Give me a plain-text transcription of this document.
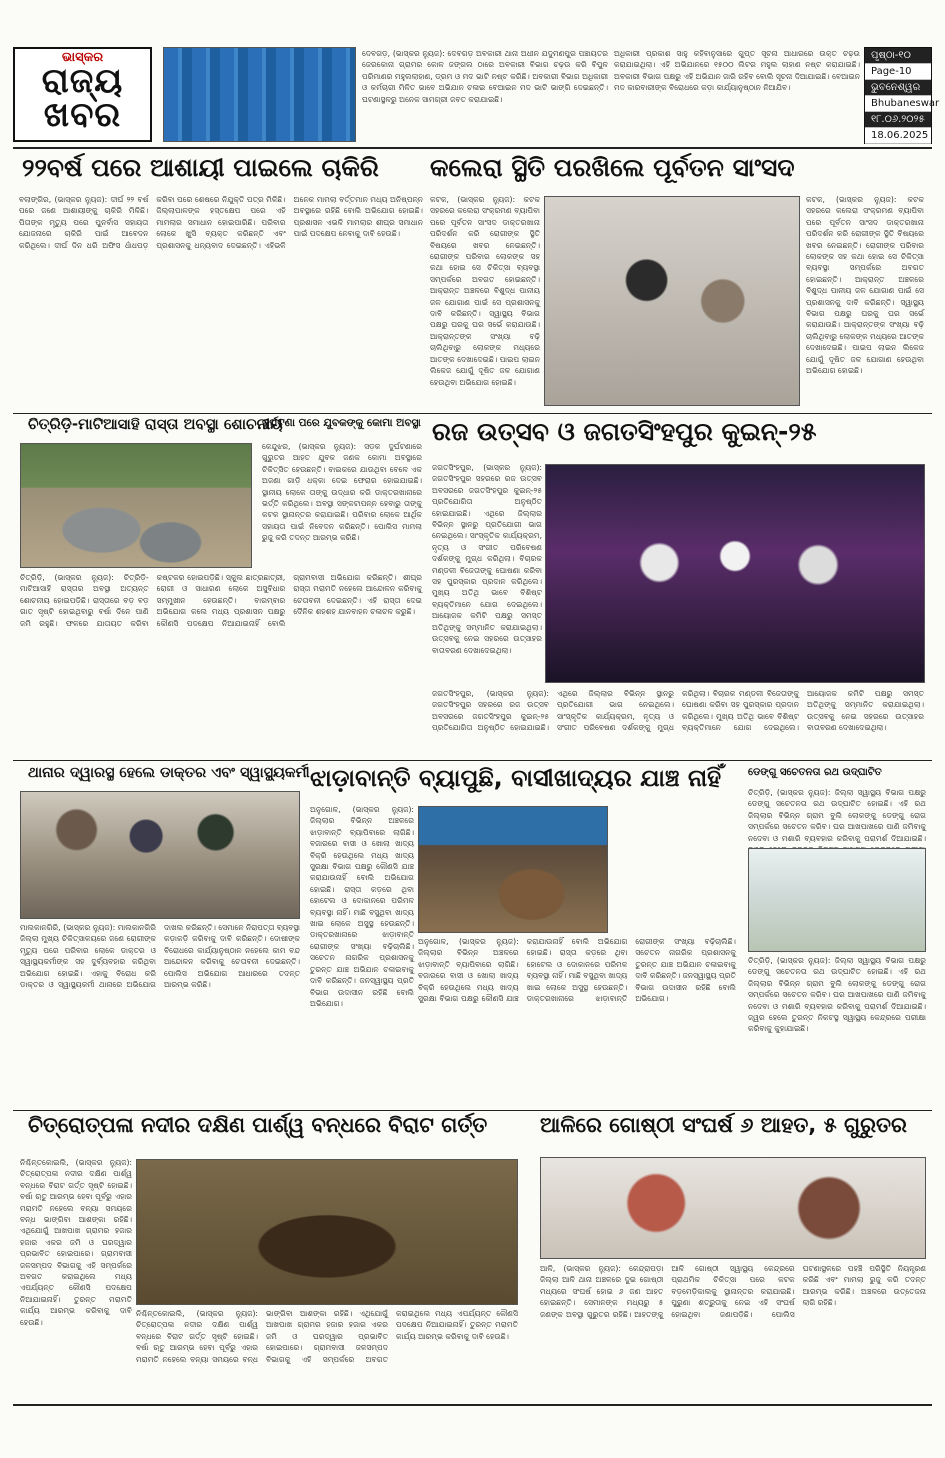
ଭାସ୍କର
ରାଜ୍ୟ
ଖବର
ଦେବଗଡ଼, (ଭାସ୍କର ନ୍ୟୁଜ): ଦେବଗଡ଼ ଅବକାରୀ ଥାନା ଅଧୀନ ଯଦୁମଣପୁର ପଞ୍ଚାୟତର ଜେରକୋନା ଗ୍ରାମର କୋଳ ଜଙ୍ଗଲ ଠାରେ ଅବକାରୀ ବିଭାଗ ଚଢ଼ଉ କରି ବିପୁଳ ପରିମାଣର ମହୁଲଲାହାଣ, ଡ୍ରମ ଓ ମଦ ଭାଟି ନଷ୍ଟ କରିଛି। ଅବକାରୀ ବିଭାଗ ଅଧିକାରୀ ଓ କର୍ମଚାରୀ ମିଳିତ ଭାବେ ଅଭିଯାନ ଚଳାଇ ବେଆଇନ ମଦ ଭାଟି ଭାଙ୍ଗି ଦେଇଛନ୍ତି। ଘଟଣାସ୍ଥଳରୁ ଅନେକ ସାମଗ୍ରୀ ଜବତ କରାଯାଇଛି।
ଅଧିକାରୀ ପ୍ରକାଶ ସାହୁ କହିବାନୁସାରେ ଗୁପ୍ତ ସୂଚନା ଆଧାରରେ ଉକ୍ତ ଚଢ଼ଉ କରାଯାଇଥିଲା। ଏହି ଅଭିଯାନରେ ୧୫୦୦ ଲିଟର ମହୁଲ ଲାହାଣ ନଷ୍ଟ କରାଯାଇଛି। ଅବକାରୀ ବିଭାଗ ପକ୍ଷରୁ ଏହି ଅଭିଯାନ ଜାରି ରହିବ ବୋଲି ସୂଚନା ଦିଆଯାଇଛି। ବେଆଇନ ମଦ କାରବାରୀଙ୍କ ବିରୋଧରେ କଡ଼ା କାର୍ଯ୍ୟାନୁଷ୍ଠାନ ନିଆଯିବ।
ପୃଷ୍ଠା-୧୦
Page-10
ଭୁବନେଶ୍ୱର
Bhubaneswar
୧୮.୦୬.୨୦୨୫
18.06.2025
୨୨ବର୍ଷ ପରେ ଆଶାୟୀ ପାଇଲେ ଚାକିରି
ବଲାଙ୍ଗିର, (ଭାସ୍କର ନ୍ୟୁଜ): ଦୀର୍ଘ ୨୨ ବର୍ଷ ପରେ ଜଣେ ଆଶାୟୀଙ୍କୁ ଚାକିରି ମିଳିଛି। ପିତାଙ୍କ ମୃତ୍ୟୁ ପରେ ପୁନର୍ବାସ ସହାୟତା ଯୋଜନାରେ ଚାକିରି ପାଇଁ ଆବେଦନ କରିଥିଲେ। ଦୀର୍ଘ ଦିନ ଧରି ଅଫିସ ଧାଁଧପଡ଼ କରିବା ପରେ ଶେଷରେ ନିଯୁକ୍ତି ପତ୍ର ମିଳିଛି। ଜିଲ୍ଲାପାଳଙ୍କ ହସ୍ତକ୍ଷେପ ପରେ ଏହି ମାମଲାର ସମାଧାନ ହୋଇପାରିଛି। ପରିବାର ଲୋକେ ଖୁସି ବ୍ୟକ୍ତ କରିଛନ୍ତି ଏବଂ ପ୍ରଶାସନକୁ ଧନ୍ୟବାଦ ଦେଇଛନ୍ତି। ଏହିଭଳି ଅନେକ ମାମଲା ବର୍ତ୍ତମାନ ମଧ୍ୟ ଅନିଷ୍ପନ୍ନ ଅବସ୍ଥାରେ ରହିଛି ବୋଲି ଅଭିଯୋଗ ହୋଇଛି। ପ୍ରଶାସନ ଏଭଳି ମାମଲାର ଶୀଘ୍ର ସମାଧାନ ପାଇଁ ପଦକ୍ଷେପ ନେବାକୁ ଦାବି ହେଉଛି।
କଲେରା ସ୍ଥିତି ପରଖିଲେ ପୂର୍ବତନ ସାଂସଦ
କଟକ, (ଭାସ୍କର ନ୍ୟୁଜ): କଟକ ସହରରେ କଲେରା ସଂକ୍ରମଣ ବ୍ୟାପିବା ପରେ ପୂର୍ବତନ ସାଂସଦ ଡାକ୍ତରଖାନା ପରିଦର୍ଶନ କରି ରୋଗୀଙ୍କ ସ୍ଥିତି ବିଷୟରେ ଖବର ନେଇଛନ୍ତି। ରୋଗୀଙ୍କ ପରିବାର ଲୋକଙ୍କ ସହ କଥା ହୋଇ ସେ ଚିକିତ୍ସା ବ୍ୟବସ୍ଥା ସମ୍ପର୍କରେ ଅବଗତ ହୋଇଛନ୍ତି। ଆକ୍ରାନ୍ତ ଅଞ୍ଚଳରେ ବିଶୁଦ୍ଧ ପାନୀୟ ଜଳ ଯୋଗାଣ ପାଇଁ ସେ ପ୍ରଶାସନକୁ ଦାବି କରିଛନ୍ତି। ସ୍ୱାସ୍ଥ୍ୟ ବିଭାଗ ପକ୍ଷରୁ ଘରକୁ ଘର ସର୍ଭେ କରାଯାଉଛି। ଆକ୍ରାନ୍ତଙ୍କ ସଂଖ୍ୟା ବଢ଼ି ଚାଲିଥିବାରୁ ଲୋକଙ୍କ ମଧ୍ୟରେ ଆତଙ୍କ ଦେଖାଦେଇଛି। ପାଇପ ଲାଇନ ଲିକେଜ ଯୋଗୁଁ ଦୂଷିତ ଜଳ ଯୋଗାଣ ହେଉଥିବା ଅଭିଯୋଗ ହୋଇଛି।
କଟକ, (ଭାସ୍କର ନ୍ୟୁଜ): କଟକ ସହରରେ କଲେରା ସଂକ୍ରମଣ ବ୍ୟାପିବା ପରେ ପୂର୍ବତନ ସାଂସଦ ଡାକ୍ତରଖାନା ପରିଦର୍ଶନ କରି ରୋଗୀଙ୍କ ସ୍ଥିତି ବିଷୟରେ ଖବର ନେଇଛନ୍ତି। ରୋଗୀଙ୍କ ପରିବାର ଲୋକଙ୍କ ସହ କଥା ହୋଇ ସେ ଚିକିତ୍ସା ବ୍ୟବସ୍ଥା ସମ୍ପର୍କରେ ଅବଗତ ହୋଇଛନ୍ତି। ଆକ୍ରାନ୍ତ ଅଞ୍ଚଳରେ ବିଶୁଦ୍ଧ ପାନୀୟ ଜଳ ଯୋଗାଣ ପାଇଁ ସେ ପ୍ରଶାସନକୁ ଦାବି କରିଛନ୍ତି। ସ୍ୱାସ୍ଥ୍ୟ ବିଭାଗ ପକ୍ଷରୁ ଘରକୁ ଘର ସର୍ଭେ କରାଯାଉଛି। ଆକ୍ରାନ୍ତଙ୍କ ସଂଖ୍ୟା ବଢ଼ି ଚାଲିଥିବାରୁ ଲୋକଙ୍କ ମଧ୍ୟରେ ଆତଙ୍କ ଦେଖାଦେଇଛି। ପାଇପ ଲାଇନ ଲିକେଜ ଯୋଗୁଁ ଦୂଷିତ ଜଳ ଯୋଗାଣ ହେଉଥିବା ଅଭିଯୋଗ ହୋଇଛି।
ଚିତ୍ରିଡ଼ି-ମାଟିଆସାହି ରାସ୍ତା ଅବସ୍ଥା ଶୋଚନୀୟ
ଚିତ୍ରିଡ଼ି, (ଭାସ୍କର ନ୍ୟୁଜ): ଚିତ୍ରିଡ଼ି-ମାଟିଆସାହି ରାସ୍ତାର ଅବସ୍ଥା ଅତ୍ୟନ୍ତ ଶୋଚନୀୟ ହୋଇପଡ଼ିଛି। ରାସ୍ତାରେ ବଡ଼ ବଡ଼ ଗାତ ସୃଷ୍ଟି ହୋଇଥିବାରୁ ବର୍ଷା ଦିନେ ପାଣି ଜମି ରହୁଛି। ଫଳରେ ଯାତାୟତ କରିବା କଷ୍ଟକର ହୋଇପଡ଼ିଛି। ସ୍କୁଲ ଛାତ୍ରଛାତ୍ରୀ, ରୋଗୀ ଓ ସାଧାରଣ ଲୋକେ ଅସୁବିଧାର ସମ୍ମୁଖୀନ ହେଉଛନ୍ତି। ବାରମ୍ବାର ଅଭିଯୋଗ କଲେ ମଧ୍ୟ ପ୍ରଶାସନ ପକ୍ଷରୁ କୌଣସି ପଦକ୍ଷେପ ନିଆଯାଇନାହିଁ ବୋଲି ଗ୍ରାମବାସୀ ଅଭିଯୋଗ କରିଛନ୍ତି। ଶୀଘ୍ର ରାସ୍ତା ମରାମତି ନହେଲେ ଆନ୍ଦୋଳନ କରିବାକୁ ଚେତାବନୀ ଦେଇଛନ୍ତି। ଏହି ରାସ୍ତା ଦେଇ ଦୈନିକ ଶହଶହ ଯାନବାହନ ଚଳାଚଳ କରୁଛି।
ଦୁର୍ଘଟଣା ପରେ ଯୁବକଙ୍କୁ କୋମା ଅବସ୍ଥା
କେନ୍ଦୁଝର, (ଭାସ୍କର ନ୍ୟୁଜ): ସଡ଼କ ଦୁର୍ଘଟଣାରେ ଗୁରୁତର ଆହତ ଯୁବକ ଜଣକ କୋମା ଅବସ୍ଥାରେ ଚିକିତ୍ସିତ ହେଉଛନ୍ତି। ବାଇକରେ ଯାଉଥିବା ବେଳେ ଏକ ଅଜଣା ଗାଡ଼ି ଧକ୍କା ଦେଇ ଫେରାର ହୋଇଯାଇଛି। ସ୍ଥାନୀୟ ଲୋକେ ତାଙ୍କୁ ଉଦ୍ଧାର କରି ଡାକ୍ତରଖାନାରେ ଭର୍ତ୍ତି କରିଥିଲେ। ଅବସ୍ଥା ସଙ୍କଟାପନ୍ନ ହେବାରୁ ତାଙ୍କୁ କଟକ ସ୍ଥାନାନ୍ତର କରାଯାଇଛି। ପରିବାର ଲୋକେ ଆର୍ଥିକ ସହାୟତା ପାଇଁ ନିବେଦନ କରିଛନ୍ତି। ପୋଲିସ ମାମଲା ରୁଜୁ କରି ତଦନ୍ତ ଆରମ୍ଭ କରିଛି।
ରଜ ଉତ୍ସବ ଓ ଜଗତସିଂହପୁର କୁଇନ୍-୨୫
ଜଗତସିଂହପୁର, (ଭାସ୍କର ନ୍ୟୁଜ): ଜଗତସିଂହପୁର ସହରରେ ରଜ ଉତ୍ସବ ଅବସରରେ ଜଗତସିଂହପୁର କୁଇନ୍-୨୫ ପ୍ରତିଯୋଗିତା ଅନୁଷ୍ଠିତ ହୋଇଯାଇଛି। ଏଥିରେ ଜିଲ୍ଲାର ବିଭିନ୍ନ ସ୍ଥାନରୁ ପ୍ରତିଯୋଗୀ ଭାଗ ନେଇଥିଲେ। ସାଂସ୍କୃତିକ କାର୍ଯ୍ୟକ୍ରମ, ନୃତ୍ୟ ଓ ସଂଗୀତ ପରିବେଷଣ ଦର୍ଶକଙ୍କୁ ମୁଗ୍ଧ କରିଥିଲା। ବିଚାରକ ମଣ୍ଡଳୀ ବିଜେତାଙ୍କୁ ଘୋଷଣା କରିବା ସହ ପୁରସ୍କାର ପ୍ରଦାନ କରିଥିଲେ। ମୁଖ୍ୟ ଅତିଥି ଭାବେ ବିଶିଷ୍ଟ ବ୍ୟକ୍ତିମାନେ ଯୋଗ ଦେଇଥିଲେ। ଆୟୋଜକ କମିଟି ପକ୍ଷରୁ ସମସ୍ତ ଅତିଥିଙ୍କୁ ସମ୍ମାନିତ କରାଯାଇଥିଲା। ଉତ୍ସବକୁ ନେଇ ସହରରେ ଉତ୍ସାହର ବାତାବରଣ ଦେଖାଦେଇଥିଲା।
ଜଗତସିଂହପୁର, (ଭାସ୍କର ନ୍ୟୁଜ): ଜଗତସିଂହପୁର ସହରରେ ରଜ ଉତ୍ସବ ଅବସରରେ ଜଗତସିଂହପୁର କୁଇନ୍-୨୫ ପ୍ରତିଯୋଗିତା ଅନୁଷ୍ଠିତ ହୋଇଯାଇଛି। ଏଥିରେ ଜିଲ୍ଲାର ବିଭିନ୍ନ ସ୍ଥାନରୁ ପ୍ରତିଯୋଗୀ ଭାଗ ନେଇଥିଲେ। ସାଂସ୍କୃତିକ କାର୍ଯ୍ୟକ୍ରମ, ନୃତ୍ୟ ଓ ସଂଗୀତ ପରିବେଷଣ ଦର୍ଶକଙ୍କୁ ମୁଗ୍ଧ କରିଥିଲା। ବିଚାରକ ମଣ୍ଡଳୀ ବିଜେତାଙ୍କୁ ଘୋଷଣା କରିବା ସହ ପୁରସ୍କାର ପ୍ରଦାନ କରିଥିଲେ। ମୁଖ୍ୟ ଅତିଥି ଭାବେ ବିଶିଷ୍ଟ ବ୍ୟକ୍ତିମାନେ ଯୋଗ ଦେଇଥିଲେ। ଆୟୋଜକ କମିଟି ପକ୍ଷରୁ ସମସ୍ତ ଅତିଥିଙ୍କୁ ସମ୍ମାନିତ କରାଯାଇଥିଲା। ଉତ୍ସବକୁ ନେଇ ସହରରେ ଉତ୍ସାହର ବାତାବରଣ ଦେଖାଦେଇଥିଲା।
ଥାନାର ଦ୍ୱାରସ୍ଥ ହେଲେ ଡାକ୍ତର ଏବଂ ସ୍ୱାସ୍ଥ୍ୟକର୍ମୀ
ମାଲକାନଗିରି, (ଭାସ୍କର ନ୍ୟୁଜ): ମାଲକାନଗିରି ଜିଲ୍ଲା ମୁଖ୍ୟ ଚିକିତ୍ସାଳୟରେ ଜଣେ ରୋଗୀଙ୍କ ମୃତ୍ୟୁ ପରେ ପରିବାର ଲୋକେ ଡାକ୍ତର ଓ ସ୍ୱାସ୍ଥ୍ୟକର୍ମୀଙ୍କ ସହ ଦୁର୍ବ୍ୟବହାର କରିଥିବା ଅଭିଯୋଗ ହୋଇଛି। ଏହାକୁ ବିରୋଧ କରି ଡାକ୍ତର ଓ ସ୍ୱାସ୍ଥ୍ୟକର୍ମୀ ଥାନାରେ ଅଭିଯୋଗ ଦାଖଲ କରିଛନ୍ତି। ସେମାନେ ନିରାପତ୍ତା ବ୍ୟବସ୍ଥା କଡ଼ାକଡ଼ି କରିବାକୁ ଦାବି କରିଛନ୍ତି। ଦୋଷୀଙ୍କ ବିରୋଧରେ କାର୍ଯ୍ୟାନୁଷ୍ଠାନ ନହେଲେ କାମ ବନ୍ଦ ଆନ୍ଦୋଳନ କରିବାକୁ ଚେତାବନୀ ଦେଇଛନ୍ତି। ପୋଲିସ ଅଭିଯୋଗ ଆଧାରରେ ତଦନ୍ତ ଆରମ୍ଭ କରିଛି।
ଝାଡ଼ାବାନ୍ତି ବ୍ୟାପୁଛି, ବାସୀଖାଦ୍ୟର ଯାଞ୍ଚ ନାହିଁ
ଅନୁଗୋଳ, (ଭାସ୍କର ନ୍ୟୁଜ): ଜିଲ୍ଲାର ବିଭିନ୍ନ ଅଞ୍ଚଳରେ ଝାଡ଼ାବାନ୍ତି ବ୍ୟାପିବାରେ ଲାଗିଛି। ବଜାରରେ ବାସୀ ଓ ଖୋଲା ଖାଦ୍ୟ ବିକ୍ରି ହେଉଥିଲେ ମଧ୍ୟ ଖାଦ୍ୟ ସୁରକ୍ଷା ବିଭାଗ ପକ୍ଷରୁ କୌଣସି ଯାଞ୍ଚ କରାଯାଉନାହିଁ ବୋଲି ଅଭିଯୋଗ ହୋଇଛି। ରାସ୍ତା କଡ଼ରେ ଥିବା ହୋଟେଲ ଓ ଦୋକାନରେ ପରିମଳ ବ୍ୟବସ୍ଥା ନାହିଁ। ମାଛି ବସୁଥିବା ଖାଦ୍ୟ ଖାଇ ଲୋକେ ଅସୁସ୍ଥ ହେଉଛନ୍ତି। ଡାକ୍ତରଖାନାରେ ଝାଡ଼ାବାନ୍ତି ରୋଗୀଙ୍କ ସଂଖ୍ୟା ବଢ଼ିଚାଲିଛି। ସଚେତନ ନାଗରିକ ପ୍ରଶାସନକୁ ତୁରନ୍ତ ଯାଞ୍ଚ ଅଭିଯାନ ଚଳାଇବାକୁ ଦାବି କରିଛନ୍ତି। ଜନସ୍ୱାସ୍ଥ୍ୟ ପ୍ରତି ବିଭାଗ ଉଦାସୀନ ରହିଛି ବୋଲି ଅଭିଯୋଗ।
ଅନୁଗୋଳ, (ଭାସ୍କର ନ୍ୟୁଜ): ଜିଲ୍ଲାର ବିଭିନ୍ନ ଅଞ୍ଚଳରେ ଝାଡ଼ାବାନ୍ତି ବ୍ୟାପିବାରେ ଲାଗିଛି। ବଜାରରେ ବାସୀ ଓ ଖୋଲା ଖାଦ୍ୟ ବିକ୍ରି ହେଉଥିଲେ ମଧ୍ୟ ଖାଦ୍ୟ ସୁରକ୍ଷା ବିଭାଗ ପକ୍ଷରୁ କୌଣସି ଯାଞ୍ଚ କରାଯାଉନାହିଁ ବୋଲି ଅଭିଯୋଗ ହୋଇଛି। ରାସ୍ତା କଡ଼ରେ ଥିବା ହୋଟେଲ ଓ ଦୋକାନରେ ପରିମଳ ବ୍ୟବସ୍ଥା ନାହିଁ। ମାଛି ବସୁଥିବା ଖାଦ୍ୟ ଖାଇ ଲୋକେ ଅସୁସ୍ଥ ହେଉଛନ୍ତି। ଡାକ୍ତରଖାନାରେ ଝାଡ଼ାବାନ୍ତି ରୋଗୀଙ୍କ ସଂଖ୍ୟା ବଢ଼ିଚାଲିଛି। ସଚେତନ ନାଗରିକ ପ୍ରଶାସନକୁ ତୁରନ୍ତ ଯାଞ୍ଚ ଅଭିଯାନ ଚଳାଇବାକୁ ଦାବି କରିଛନ୍ତି। ଜନସ୍ୱାସ୍ଥ୍ୟ ପ୍ରତି ବିଭାଗ ଉଦାସୀନ ରହିଛି ବୋଲି ଅଭିଯୋଗ।
ଡେଙ୍ଗୁ ସଚେତନତା ରଥ ଉଦ୍‌ଘାଟିତ
ଚିତ୍ରିଡ଼ି, (ଭାସ୍କର ନ୍ୟୁଜ): ଜିଲ୍ଲା ସ୍ୱାସ୍ଥ୍ୟ ବିଭାଗ ପକ୍ଷରୁ ଡେଙ୍ଗୁ ସଚେତନତା ରଥ ଉଦ୍‌ଘାଟିତ ହୋଇଛି। ଏହି ରଥ ଜିଲ୍ଲାର ବିଭିନ୍ନ ଗ୍ରାମ ବୁଲି ଲୋକଙ୍କୁ ଡେଙ୍ଗୁ ରୋଗ ସମ୍ପର୍କରେ ସଚେତନ କରିବ। ଘର ଆଖପାଖରେ ପାଣି ଜମିବାକୁ ନଦେବା ଓ ମଶାରି ବ୍ୟବହାର କରିବାକୁ ପରାମର୍ଶ ଦିଆଯାଇଛି।
ଚିତ୍ରିଡ଼ି, (ଭାସ୍କର ନ୍ୟୁଜ): ଜିଲ୍ଲା ସ୍ୱାସ୍ଥ୍ୟ ବିଭାଗ ପକ୍ଷରୁ ଡେଙ୍ଗୁ ସଚେତନତା ରଥ ଉଦ୍‌ଘାଟିତ ହୋଇଛି। ଏହି ରଥ ଜିଲ୍ଲାର ବିଭିନ୍ନ ଗ୍ରାମ ବୁଲି ଲୋକଙ୍କୁ ଡେଙ୍ଗୁ ରୋଗ ସମ୍ପର୍କରେ ସଚେତନ କରିବ। ଘର ଆଖପାଖରେ ପାଣି ଜମିବାକୁ ନଦେବା ଓ ମଶାରି ବ୍ୟବହାର କରିବାକୁ ପରାମର୍ଶ ଦିଆଯାଇଛି। ଜ୍ୱର ହେଲେ ତୁରନ୍ତ ନିକଟସ୍ଥ ସ୍ୱାସ୍ଥ୍ୟ କେନ୍ଦ୍ରରେ ପରୀକ୍ଷା କରିବାକୁ କୁହାଯାଇଛି।
ଚିତ୍ରୋତ୍ପଳା ନଦୀର ଦକ୍ଷିଣ ପାର୍ଶ୍ୱ ବନ୍ଧରେ ବିରାଟ ଗର୍ତ୍ତ
ନିଶ୍ଚିନ୍ତକୋଇଲି, (ଭାସ୍କର ନ୍ୟୁଜ): ଚିତ୍ରୋତ୍ପଳା ନଦୀର ଦକ୍ଷିଣ ପାର୍ଶ୍ୱ ବନ୍ଧରେ ବିରାଟ ଗର୍ତ୍ତ ସୃଷ୍ଟି ହୋଇଛି। ବର୍ଷା ଋତୁ ଆରମ୍ଭ ହେବା ପୂର୍ବରୁ ଏହାର ମରାମତି ନହେଲେ ବନ୍ୟା ସମୟରେ ବନ୍ଧ ଭାଙ୍ଗିବା ଆଶଙ୍କା ରହିଛି। ଏଥିଯୋଗୁଁ ଆଖପାଖ ଗ୍ରାମର ହଜାର ହଜାର ଏକର ଜମି ଓ ଘରଦ୍ୱାର ପ୍ରଭାବିତ ହୋଇପାରେ। ଗ୍ରାମବାସୀ ଜଳସମ୍ପଦ ବିଭାଗକୁ ଏହି ସମ୍ପର୍କରେ ଅବଗତ କରାଇଥିଲେ ମଧ୍ୟ ଏପର୍ଯ୍ୟନ୍ତ କୌଣସି ପଦକ୍ଷେପ ନିଆଯାଇନାହିଁ। ତୁରନ୍ତ ମରାମତି କାର୍ଯ୍ୟ ଆରମ୍ଭ କରିବାକୁ ଦାବି ହେଉଛି।
ନିଶ୍ଚିନ୍ତକୋଇଲି, (ଭାସ୍କର ନ୍ୟୁଜ): ଚିତ୍ରୋତ୍ପଳା ନଦୀର ଦକ୍ଷିଣ ପାର୍ଶ୍ୱ ବନ୍ଧରେ ବିରାଟ ଗର୍ତ୍ତ ସୃଷ୍ଟି ହୋଇଛି। ବର୍ଷା ଋତୁ ଆରମ୍ଭ ହେବା ପୂର୍ବରୁ ଏହାର ମରାମତି ନହେଲେ ବନ୍ୟା ସମୟରେ ବନ୍ଧ ଭାଙ୍ଗିବା ଆଶଙ୍କା ରହିଛି। ଏଥିଯୋଗୁଁ ଆଖପାଖ ଗ୍ରାମର ହଜାର ହଜାର ଏକର ଜମି ଓ ଘରଦ୍ୱାର ପ୍ରଭାବିତ ହୋଇପାରେ। ଗ୍ରାମବାସୀ ଜଳସମ୍ପଦ ବିଭାଗକୁ ଏହି ସମ୍ପର୍କରେ ଅବଗତ କରାଇଥିଲେ ମଧ୍ୟ ଏପର୍ଯ୍ୟନ୍ତ କୌଣସି ପଦକ୍ଷେପ ନିଆଯାଇନାହିଁ। ତୁରନ୍ତ ମରାମତି କାର୍ଯ୍ୟ ଆରମ୍ଭ କରିବାକୁ ଦାବି ହେଉଛି।
ଆଳିରେ ଗୋଷ୍ଠୀ ସଂଘର୍ଷ ୬ ଆହତ, ୫ ଗୁରୁତର
ଆଳି, (ଭାସ୍କର ନ୍ୟୁଜ): କେନ୍ଦ୍ରାପଡ଼ା ଜିଲ୍ଲା ଆଳି ଥାନା ଅଞ୍ଚଳରେ ଦୁଇ ଗୋଷ୍ଠୀ ମଧ୍ୟରେ ସଂଘର୍ଷ ହୋଇ ୬ ଜଣ ଆହତ ହୋଇଛନ୍ତି। ସେମାନଙ୍କ ମଧ୍ୟରୁ ୫ ଜଣଙ୍କ ଅବସ୍ଥା ଗୁରୁତର ରହିଛି। ଆହତଙ୍କୁ ଆଳି ଗୋଷ୍ଠୀ ସ୍ୱାସ୍ଥ୍ୟ କେନ୍ଦ୍ରରେ ପ୍ରାଥମିକ ଚିକିତ୍ସା ପରେ କଟକ ବଡ଼ମେଡ଼ିକାଲକୁ ସ୍ଥାନାନ୍ତର କରାଯାଇଛି। ପୁରୁଣା ଶତ୍ରୁତାକୁ ନେଇ ଏହି ସଂଘର୍ଷ ହୋଇଥିବା ଜଣାପଡ଼ିଛି। ପୋଲିସ ଘଟଣାସ୍ଥଳରେ ପହଞ୍ଚି ପରିସ୍ଥିତି ନିୟନ୍ତ୍ରଣ କରିଛି ଏବଂ ମାମଲା ରୁଜୁ କରି ତଦନ୍ତ ଆରମ୍ଭ କରିଛି। ଅଞ୍ଚଳରେ ଉତ୍ତେଜନା ଲାଗି ରହିଛି।
